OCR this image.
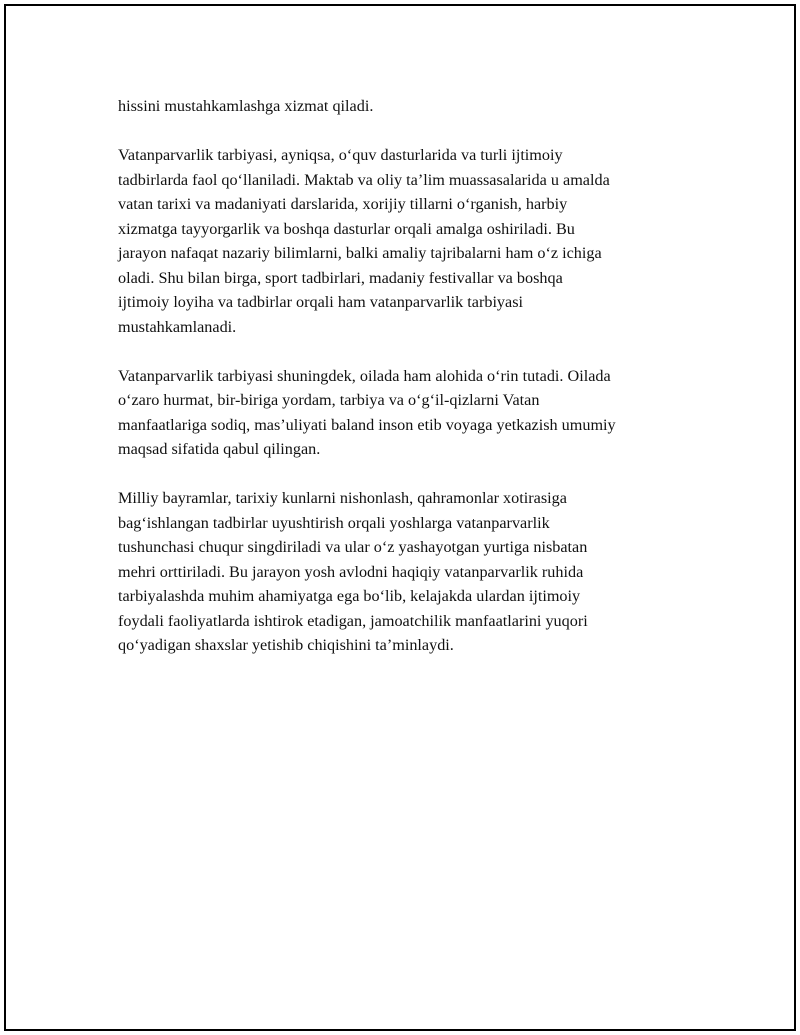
hissini mustahkamlashga xizmat qiladi.

Vatanparvarlik tarbiyasi, ayniqsa, o‘quv dasturlarida va turli ijtimoiy
tadbirlarda faol qo‘llaniladi. Maktab va oliy ta’lim muassasalarida u amalda
vatan tarixi va madaniyati darslarida, xorijiy tillarni o‘rganish, harbiy
xizmatga tayyorgarlik va boshqa dasturlar orqali amalga oshiriladi. Bu
jarayon nafaqat nazariy bilimlarni, balki amaliy tajribalarni ham o‘z ichiga
oladi. Shu bilan birga, sport tadbirlari, madaniy festivallar va boshqa
ijtimoiy loyiha va tadbirlar orqali ham vatanparvarlik tarbiyasi
mustahkamlanadi.

Vatanparvarlik tarbiyasi shuningdek, oilada ham alohida o‘rin tutadi. Oilada
o‘zaro hurmat, bir-biriga yordam, tarbiya va o‘g‘il-qizlarni Vatan
manfaatlariga sodiq, mas’uliyati baland inson etib voyaga yetkazish umumiy
maqsad sifatida qabul qilingan.

Milliy bayramlar, tarixiy kunlarni nishonlash, qahramonlar xotirasiga
bag‘ishlangan tadbirlar uyushtirish orqali yoshlarga vatanparvarlik
tushunchasi chuqur singdiriladi va ular o‘z yashayotgan yurtiga nisbatan
mehri orttiriladi. Bu jarayon yosh avlodni haqiqiy vatanparvarlik ruhida
tarbiyalashda muhim ahamiyatga ega bo‘lib, kelajakda ulardan ijtimoiy
foydali faoliyatlarda ishtirok etadigan, jamoatchilik manfaatlarini yuqori
qo‘yadigan shaxslar yetishib chiqishini ta’minlaydi.
